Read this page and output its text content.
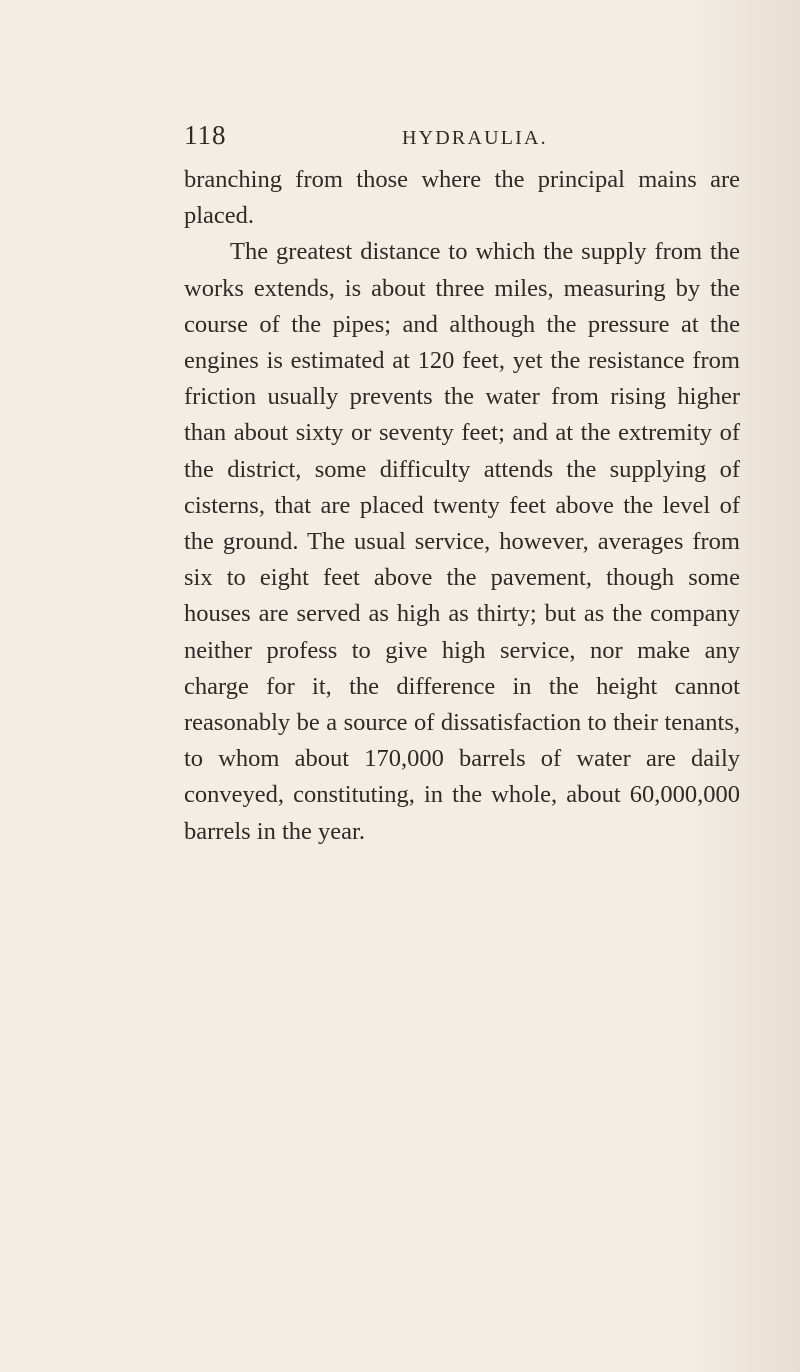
118	HYDRAULIA.

branching from those where the principal mains are placed.

The greatest distance to which the supply from the works extends, is about three miles, measuring by the course of the pipes; and although the pressure at the engines is estimated at 120 feet, yet the resistance from friction usually prevents the water from rising higher than about sixty or seventy feet; and at the extremity of the district, some difficulty attends the supplying of cisterns, that are placed twenty feet above the level of the ground. The usual service, however, averages from six to eight feet above the pavement, though some houses are served as high as thirty; but as the company neither profess to give high service, nor make any charge for it, the difference in the height cannot reasonably be a source of dissatisfaction to their tenants, to whom about 170,000 barrels of water are daily conveyed, constituting, in the whole, about 60,000,000 barrels in the year.
